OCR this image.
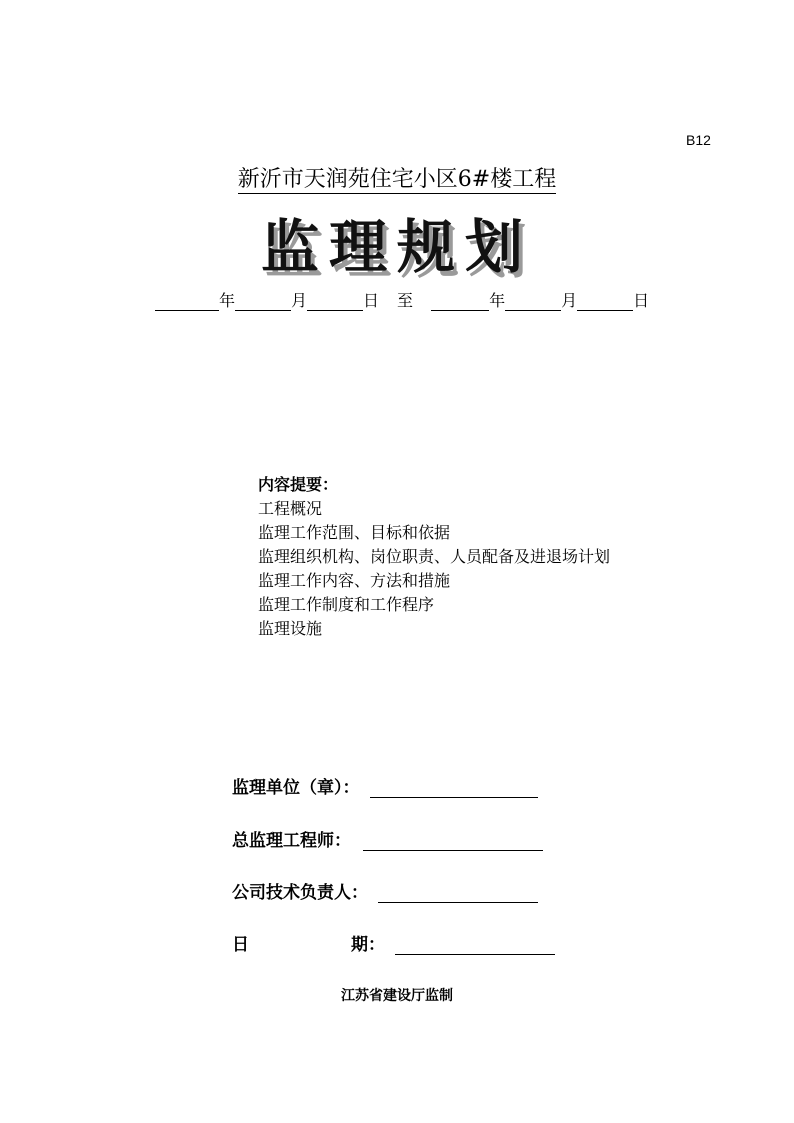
B12
新沂市天润苑住宅小区6#楼工程
监理规划
年	月	日 至	年	月	日
内容提要：
工程概况
监理工作范围、目标和依据
监理组织机构、岗位职责、人员配备及进退场计划
监理工作内容、方法和措施
监理工作制度和工作程序
监理设施
监理单位（章）：
总监理工程师：
公司技术负责人：
日	期：
江苏省建设厅监制
